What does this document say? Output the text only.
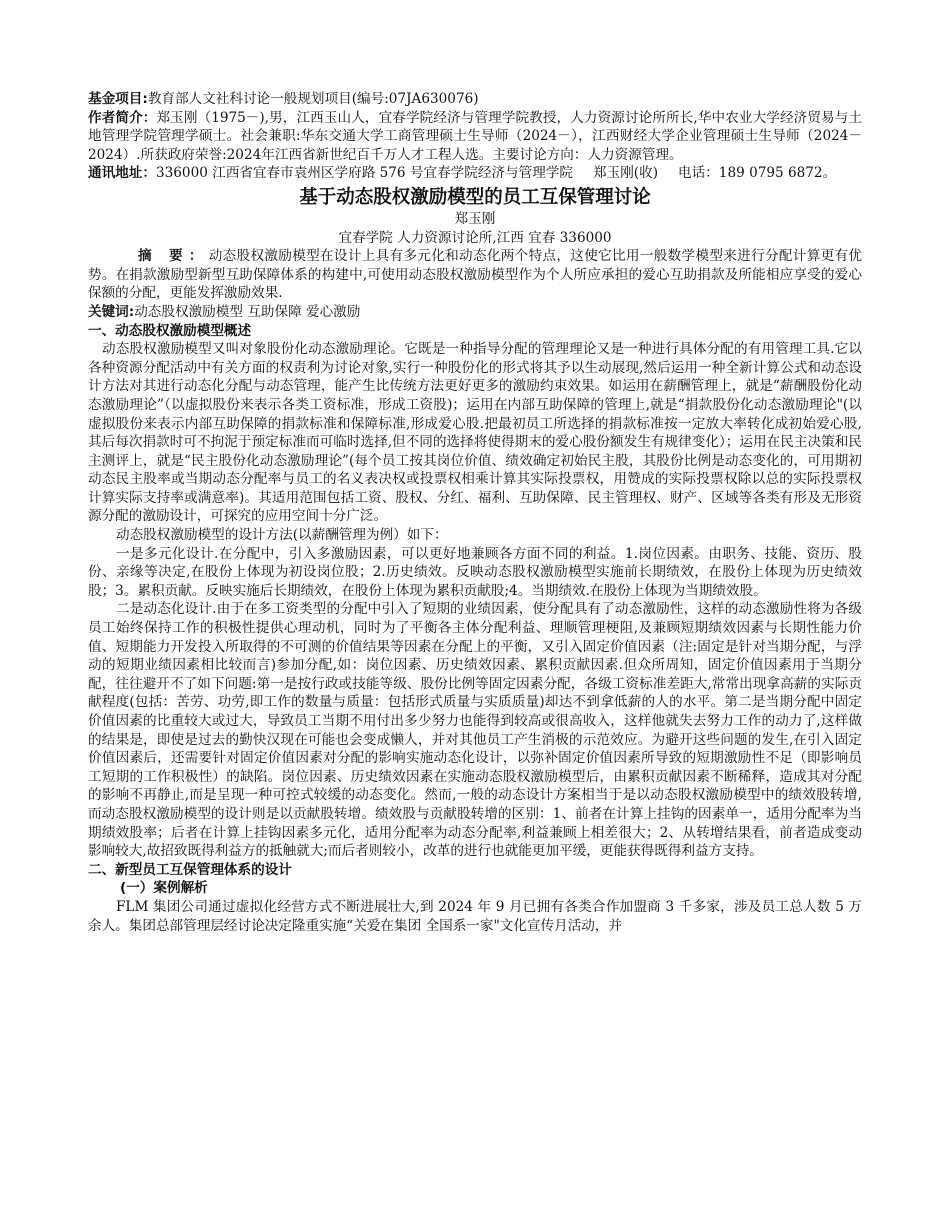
基金项目:教育部人文社科讨论一般规划项目(编号:07JA630076)

作者简介：郑玉刚（1975－),男，江西玉山人，宜春学院经济与管理学院教授，人力资源讨论所所长,华中农业大学经济贸易与土地管理学院管理学硕士。社会兼职:华东交通大学工商管理硕士生导师（2024－），江西财经大学企业管理硕士生导师（2024－2024）.所获政府荣誉:2024年江西省新世纪百千万人才工程人选。主要讨论方向：人力资源管理。

通讯地址：336000 江西省宜春市袁州区学府路 576 号宜春学院经济与管理学院 郑玉刚(收) 电话：189 0795 6872。

基于动态股权激励模型的员工互保管理讨论

郑玉刚

宜春学院 人力资源讨论所,江西 宜春 336000

摘 要：动态股权激励模型在设计上具有多元化和动态化两个特点，这使它比用一般数学模型来进行分配计算更有优势。在捐款激励型新型互助保障体系的构建中,可使用动态股权激励模型作为个人所应承担的爱心互助捐款及所能相应享受的爱心保额的分配，更能发挥激励效果.

关键词:动态股权激励模型 互助保障 爱心激励

一、动态股权激励模型概述

动态股权激励模型又叫对象股份化动态激励理论。它既是一种指导分配的管理理论又是一种进行具体分配的有用管理工具.它以各种资源分配活动中有关方面的权责利为讨论对象,实行一种股份化的形式将其予以生动展现,然后运用一种全新计算公式和动态设计方法对其进行动态化分配与动态管理，能产生比传统方法更好更多的激励约束效果。如运用在薪酬管理上，就是“薪酬股份化动态激励理论”（以虚拟股份来表示各类工资标准，形成工资股)；运用在内部互助保障的管理上,就是“捐款股份化动态激励理论"(以虚拟股份来表示内部互助保障的捐款标准和保障标准,形成爱心股.把最初员工所选择的捐款标准按一定放大率转化成初始爱心股,其后每次捐款时可不拘泥于预定标准而可临时选择,但不同的选择将使得期末的爱心股份额发生有规律变化）；运用在民主决策和民主测评上，就是“民主股份化动态激励理论”(每个员工按其岗位价值、绩效确定初始民主股，其股份比例是动态变化的，可用期初动态民主股率或当期动态分配率与员工的名义表决权或投票权相乘计算其实际投票权，用赞成的实际投票权除以总的实际投票权计算实际支持率或满意率)。其适用范围包括工资、股权、分红、福利、互助保障、民主管理权、财产、区域等各类有形及无形资源分配的激励设计，可探究的应用空间十分广泛。

动态股权激励模型的设计方法(以薪酬管理为例）如下：

一是多元化设计.在分配中，引入多激励因素，可以更好地兼顾各方面不同的利益。1.岗位因素。由职务、技能、资历、股份、亲缘等决定,在股份上体现为初设岗位股；2.历史绩效。反映动态股权激励模型实施前长期绩效，在股份上体现为历史绩效股；3。累积贡献。反映实施后长期绩效，在股份上体现为累积贡献股;4。当期绩效.在股份上体现为当期绩效股。

二是动态化设计.由于在多工资类型的分配中引入了短期的业绩因素，使分配具有了动态激励性，这样的动态激励性将为各级员工始终保持工作的积极性提供心理动机，同时为了平衡各主体分配利益、理顺管理梗阻,及兼顾短期绩效因素与长期性能力价值、短期能力开发投入所取得的不可测的价值结果等因素在分配上的平衡，又引入固定价值因素（注:固定是针对当期分配，与浮动的短期业绩因素相比较而言)参加分配,如：岗位因素、历史绩效因素、累积贡献因素.但众所周知，固定价值因素用于当期分配，往往避开不了如下问题:第一是按行政或技能等级、股份比例等固定因素分配，各级工资标准差距大,常常出现拿高薪的实际贡献程度(包括：苦劳、功劳,即工作的数量与质量：包括形式质量与实质质量)却达不到拿低薪的人的水平。第二是当期分配中固定价值因素的比重较大或过大，导致员工当期不用付出多少努力也能得到较高或很高收入，这样他就失去努力工作的动力了,这样做的结果是，即使是过去的勤快汉现在可能也会变成懒人，并对其他员工产生消极的示范效应。为避开这些问题的发生,在引入固定价值因素后，还需要针对固定价值因素对分配的影响实施动态化设计，以弥补固定价值因素所导致的短期激励性不足（即影响员工短期的工作积极性）的缺陷。岗位因素、历史绩效因素在实施动态股权激励模型后，由累积贡献因素不断稀释，造成其对分配的影响不再静止,而是呈现一种可控式较缓的动态变化。然而,一般的动态设计方案相当于是以动态股权激励模型中的绩效股转增,而动态股权激励模型的设计则是以贡献股转增。绩效股与贡献股转增的区别：1、前者在计算上挂钩的因素单一，适用分配率为当期绩效股率；后者在计算上挂钩因素多元化，适用分配率为动态分配率,利益兼顾上相差很大；2、从转增结果看，前者造成变动影响较大,故招致既得利益方的抵触就大;而后者则较小，改革的进行也就能更加平缓，更能获得既得利益方支持。

二、新型员工互保管理体系的设计
(一）案例解析

FLM 集团公司通过虚拟化经营方式不断进展壮大,到 2024 年 9 月已拥有各类合作加盟商 3 千多家，涉及员工总人数 5 万余人。集团总部管理层经讨论决定隆重实施“关爱在集团 全国系一家"文化宣传月活动，并
